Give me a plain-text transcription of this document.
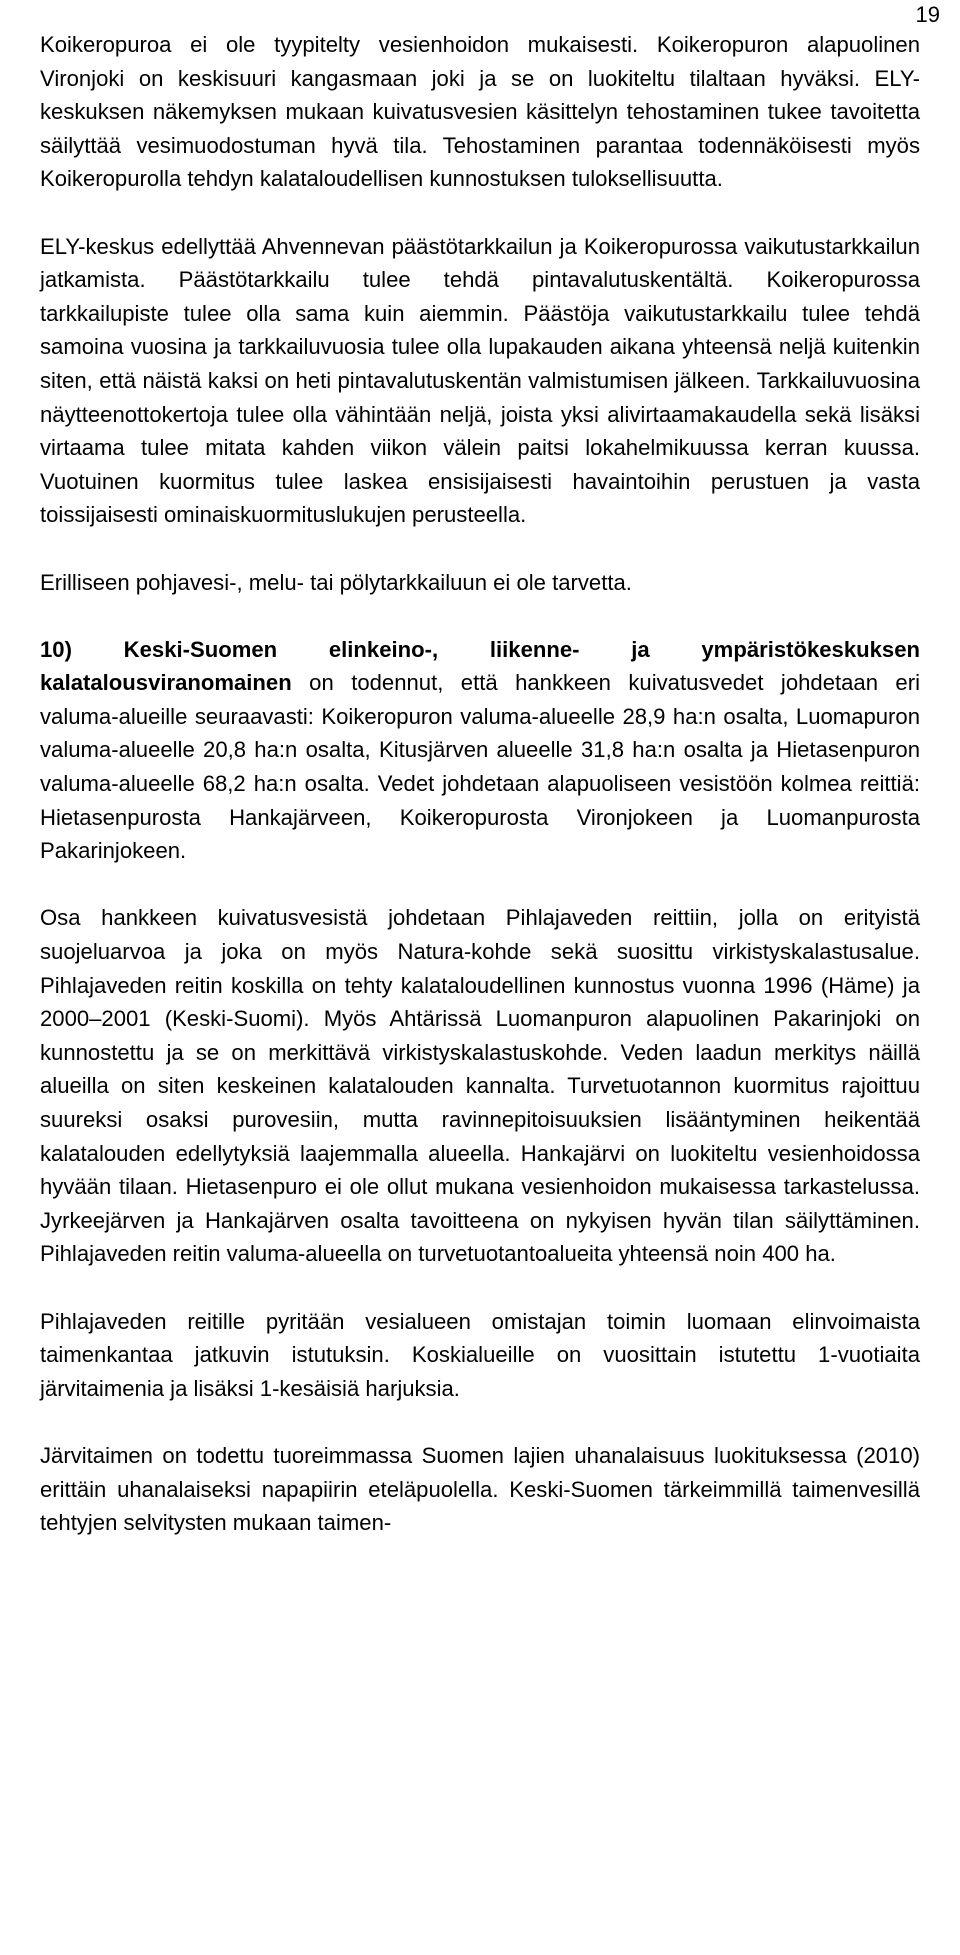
19

Koikeropuroa ei ole tyypitelty vesienhoidon mukaisesti. Koikeropuron alapuolinen Vironjoki on keskisuuri kangasmaan joki ja se on luokiteltu tilaltaan hyväksi. ELY-keskuksen näkemyksen mukaan kuivatusvesien käsittelyn tehostaminen tukee tavoitetta säilyttää vesimuodostuman hyvä tila. Tehostaminen parantaa todennäköisesti myös Koikeropurolla tehdyn kalataloudellisen kunnostuksen tuloksellisuutta.

ELY-keskus edellyttää Ahvennevan päästötarkkailun ja Koikeropurossa vaikutustarkkailun jatkamista. Päästötarkkailu tulee tehdä pintavalutuskentältä. Koikeropurossa tarkkailupiste tulee olla sama kuin aiemmin. Päästöja vaikutustarkkailu tulee tehdä samoina vuosina ja tarkkailuvuosia tulee olla lupakauden aikana yhteensä neljä kuitenkin siten, että näistä kaksi on heti pintavalutuskentän valmistumisen jälkeen. Tarkkailuvuosina näytteenottokertoja tulee olla vähintään neljä, joista yksi alivirtaamakaudella sekä lisäksi virtaama tulee mitata kahden viikon välein paitsi lokahelmikuussa kerran kuussa. Vuotuinen kuormitus tulee laskea ensisijaisesti havaintoihin perustuen ja vasta toissijaisesti ominaiskuormituslukujen perusteella.

Erilliseen pohjavesi-, melu- tai pölytarkkailuun ei ole tarvetta.

10) Keski-Suomen elinkeino-, liikenne- ja ympäristökeskuksen kalatalousviranomainen on todennut, että hankkeen kuivatusvedet johdetaan eri valuma-alueille seuraavasti: Koikeropuron valuma-alueelle 28,9 ha:n osalta, Luomapuron valuma-alueelle 20,8 ha:n osalta, Kitusjärven alueelle 31,8 ha:n osalta ja Hietasenpuron valuma-alueelle 68,2 ha:n osalta. Vedet johdetaan alapuoliseen vesistöön kolmea reittiä: Hietasenpurosta Hankajärveen, Koikeropurosta Vironjokeen ja Luomanpurosta Pakarinjokeen.

Osa hankkeen kuivatusvesistä johdetaan Pihlajaveden reittiin, jolla on erityistä suojeluarvoa ja joka on myös Natura-kohde sekä suosittu virkistyskalastusalue. Pihlajaveden reitin koskilla on tehty kalataloudellinen kunnostus vuonna 1996 (Häme) ja 2000–2001 (Keski-Suomi). Myös Ahtärissä Luomanpuron alapuolinen Pakarinjoki on kunnostettu ja se on merkittävä virkistyskalastuskohde. Veden laadun merkitys näillä alueilla on siten keskeinen kalatalouden kannalta. Turvetuotannon kuormitus rajoittuu suureksi osaksi purovesiin, mutta ravinnepitoisuuksien lisääntyminen heikentää kalatalouden edellytyksiä laajemmalla alueella. Hankajärvi on luokiteltu vesienhoidossa hyvään tilaan. Hietasenpuro ei ole ollut mukana vesienhoidon mukaisessa tarkastelussa. Jyrkeejärven ja Hankajärven osalta tavoitteena on nykyisen hyvän tilan säilyttäminen. Pihlajaveden reitin valuma-alueella on turvetuotantoalueita yhteensä noin 400 ha.

Pihlajaveden reitille pyritään vesialueen omistajan toimin luomaan elinvoimaista taimenkantaa jatkuvin istutuksin. Koskialueille on vuosittain istutettu 1-vuotiaita järvitaimenia ja lisäksi 1-kesäisiä harjuksia.

Järvitaimen on todettu tuoreimmassa Suomen lajien uhanalaisuus luokituksessa (2010) erittäin uhanalaiseksi napapiirin eteläpuolella. Keski-Suomen tärkeimmillä taimenvesillä tehtyjen selvitysten mukaan taimen-
